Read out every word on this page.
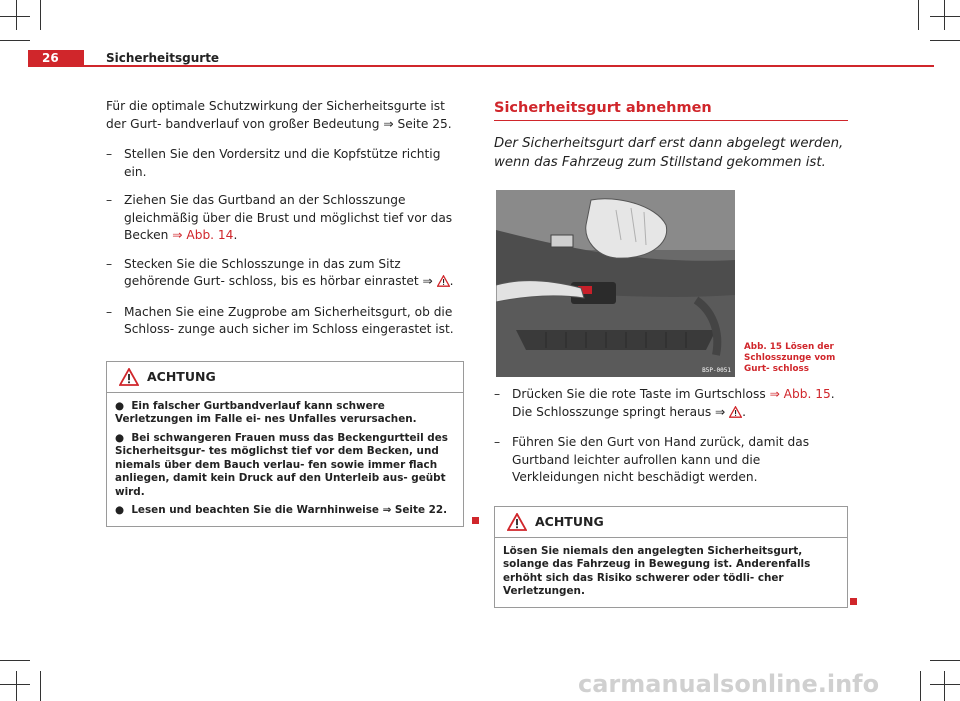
26	Sicherheitsgurte

Für die optimale Schutzwirkung der Sicherheitsgurte ist der Gurt- bandverlauf von großer Bedeutung ⇒ Seite 25.

– Stellen Sie den Vordersitz und die Kopfstütze richtig ein.
– Ziehen Sie das Gurtband an der Schlosszunge gleichmäßig über die Brust und möglichst tief vor das Becken ⇒ Abb. 14.
– Stecken Sie die Schlosszunge in das zum Sitz gehörende Gurt- schloss, bis es hörbar einrastet ⇒ .
– Machen Sie eine Zugprobe am Sicherheitsgurt, ob die Schloss- zunge auch sicher im Schloss eingerastet ist.
ACHTUNG
●  Ein falscher Gurtbandverlauf kann schwere Verletzungen im Falle ei- nes Unfalles verursachen.
●  Bei schwangeren Frauen muss das Beckengurtteil des Sicherheitsgur- tes möglichst tief vor dem Becken, und niemals über dem Bauch verlau- fen sowie immer flach anliegen, damit kein Druck auf den Unterleib aus- geübt wird.
●  Lesen und beachten Sie die Warnhinweise ⇒ Seite 22.
Sicherheitsgurt abnehmen
Der Sicherheitsgurt darf erst dann abgelegt werden, wenn das Fahrzeug zum Stillstand gekommen ist.
B5P-0051
Abb. 15 Lösen der Schlosszunge vom Gurt- schloss
– Drücken Sie die rote Taste im Gurtschloss ⇒ Abb. 15. Die Schlosszunge springt heraus ⇒ .
– Führen Sie den Gurt von Hand zurück, damit das Gurtband leichter aufrollen kann und die Verkleidungen nicht beschädigt werden.
ACHTUNG
Lösen Sie niemals den angelegten Sicherheitsgurt, solange das Fahrzeug in Bewegung ist. Anderenfalls erhöht sich das Risiko schwerer oder tödli- cher Verletzungen.
carmanualsonline.info
